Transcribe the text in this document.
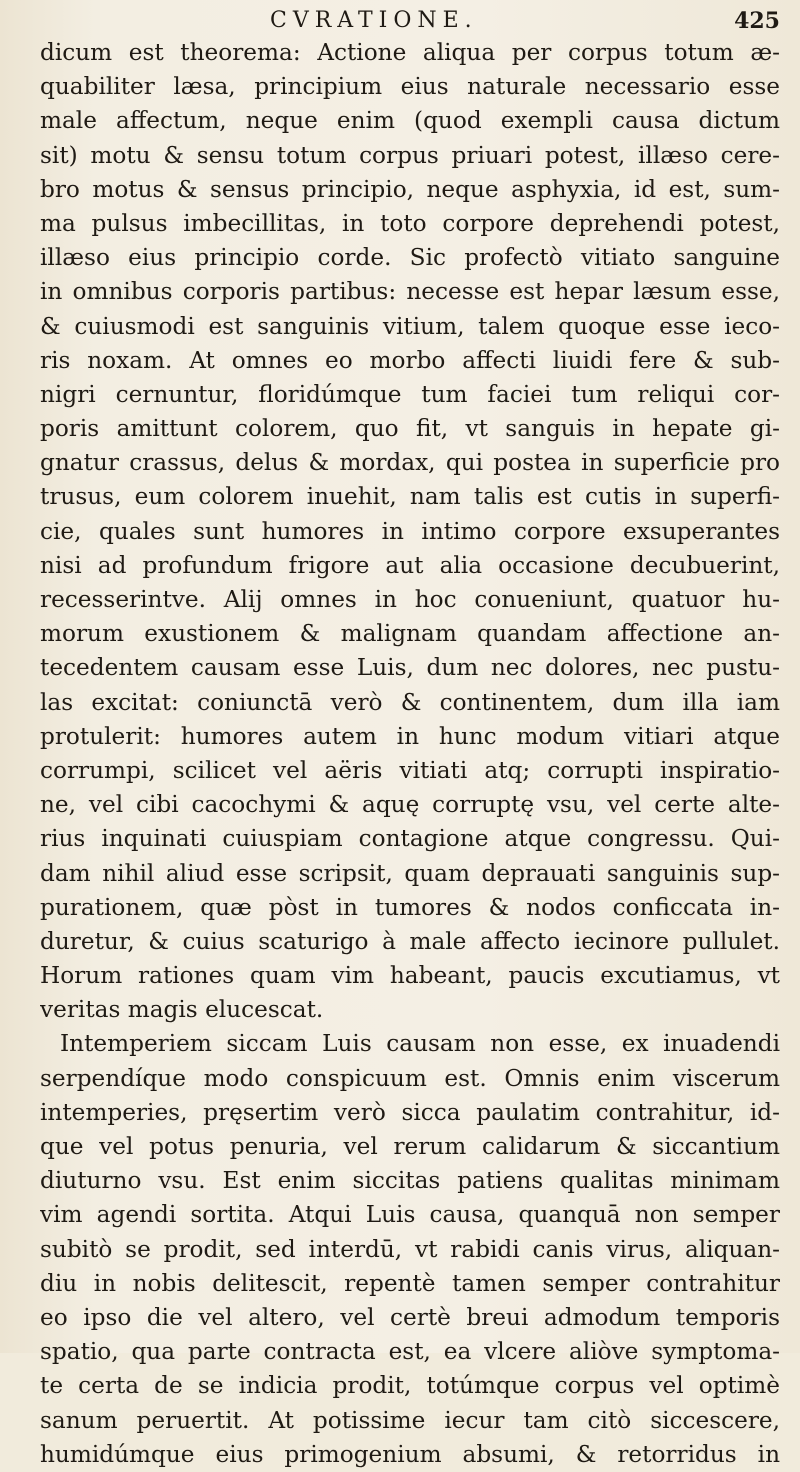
CVRATIONE.	425
dicum est theorema: Actione aliqua per corpus totum æ-
quabiliter læsa, principium eius naturale necessario esse
male affectum, neque enim (quod exempli causa dictum
sit) motu & sensu totum corpus priuari potest, illæso cere-
bro motus & sensus principio, neque asphyxia, id est, sum-
ma pulsus imbecillitas, in toto corpore deprehendi potest,
illæso eius principio corde. Sic profectò vitiato sanguine
in omnibus corporis partibus: necesse est hepar læsum esse,
& cuiusmodi est sanguinis vitium, talem quoque esse ieco-
ris noxam. At omnes eo morbo affecti liuidi fere & sub-
nigri cernuntur, floridúmque tum faciei tum reliqui cor-
poris amittunt colorem, quo fit, vt sanguis in hepate gi-
gnatur crassus, delus & mordax, qui postea in superficie pro
trusus, eum colorem inuehit, nam talis est cutis in superfi-
cie, quales sunt humores in intimo corpore exsuperantes
nisi ad profundum frigore aut alia occasione decubuerint,
recesserintve. Alij omnes in hoc conueniunt, quatuor hu-
morum exustionem & malignam quandam affectione an-
tecedentem causam esse Luis, dum nec dolores, nec pustu-
las excitat: coniunctā verò & continentem, dum illa iam
protulerit: humores autem in hunc modum vitiari atque
corrumpi, scilicet vel aëris vitiati atq; corrupti inspiratio-
ne, vel cibi cacochymi & aquę corruptę vsu, vel certe alte-
rius inquinati cuiuspiam contagione atque congressu. Qui-
dam nihil aliud esse scripsit, quam deprauati sanguinis sup-
purationem, quæ pòst in tumores & nodos conficcata in-
duretur, & cuius scaturigo à male affecto iecinore pullulet.
Horum rationes quam vim habeant, paucis excutiamus, vt
veritas magis elucescat.
Intemperiem siccam Luis causam non esse, ex inuadendi
serpendíque modo conspicuum est. Omnis enim viscerum
intemperies, pręsertim verò sicca paulatim contrahitur, id-
que vel potus penuria, vel rerum calidarum & siccantium
diuturno vsu. Est enim siccitas patiens qualitas minimam
vim agendi sortita. Atqui Luis causa, quanquā non semper
subitò se prodit, sed interdū, vt rabidi canis virus, aliquan-
diu in nobis delitescit, repentè tamen semper contrahitur
eo ipso die vel altero, vel certè breui admodum temporis
spatio, qua parte contracta est, ea vlcere aliòve symptoma-
te certa de se indicia prodit, totúmque corpus vel optimè
sanum peruertit. At potissime iecur tam citò siccescere,
humidúmque eius primogenium absumi, & retorridus in
